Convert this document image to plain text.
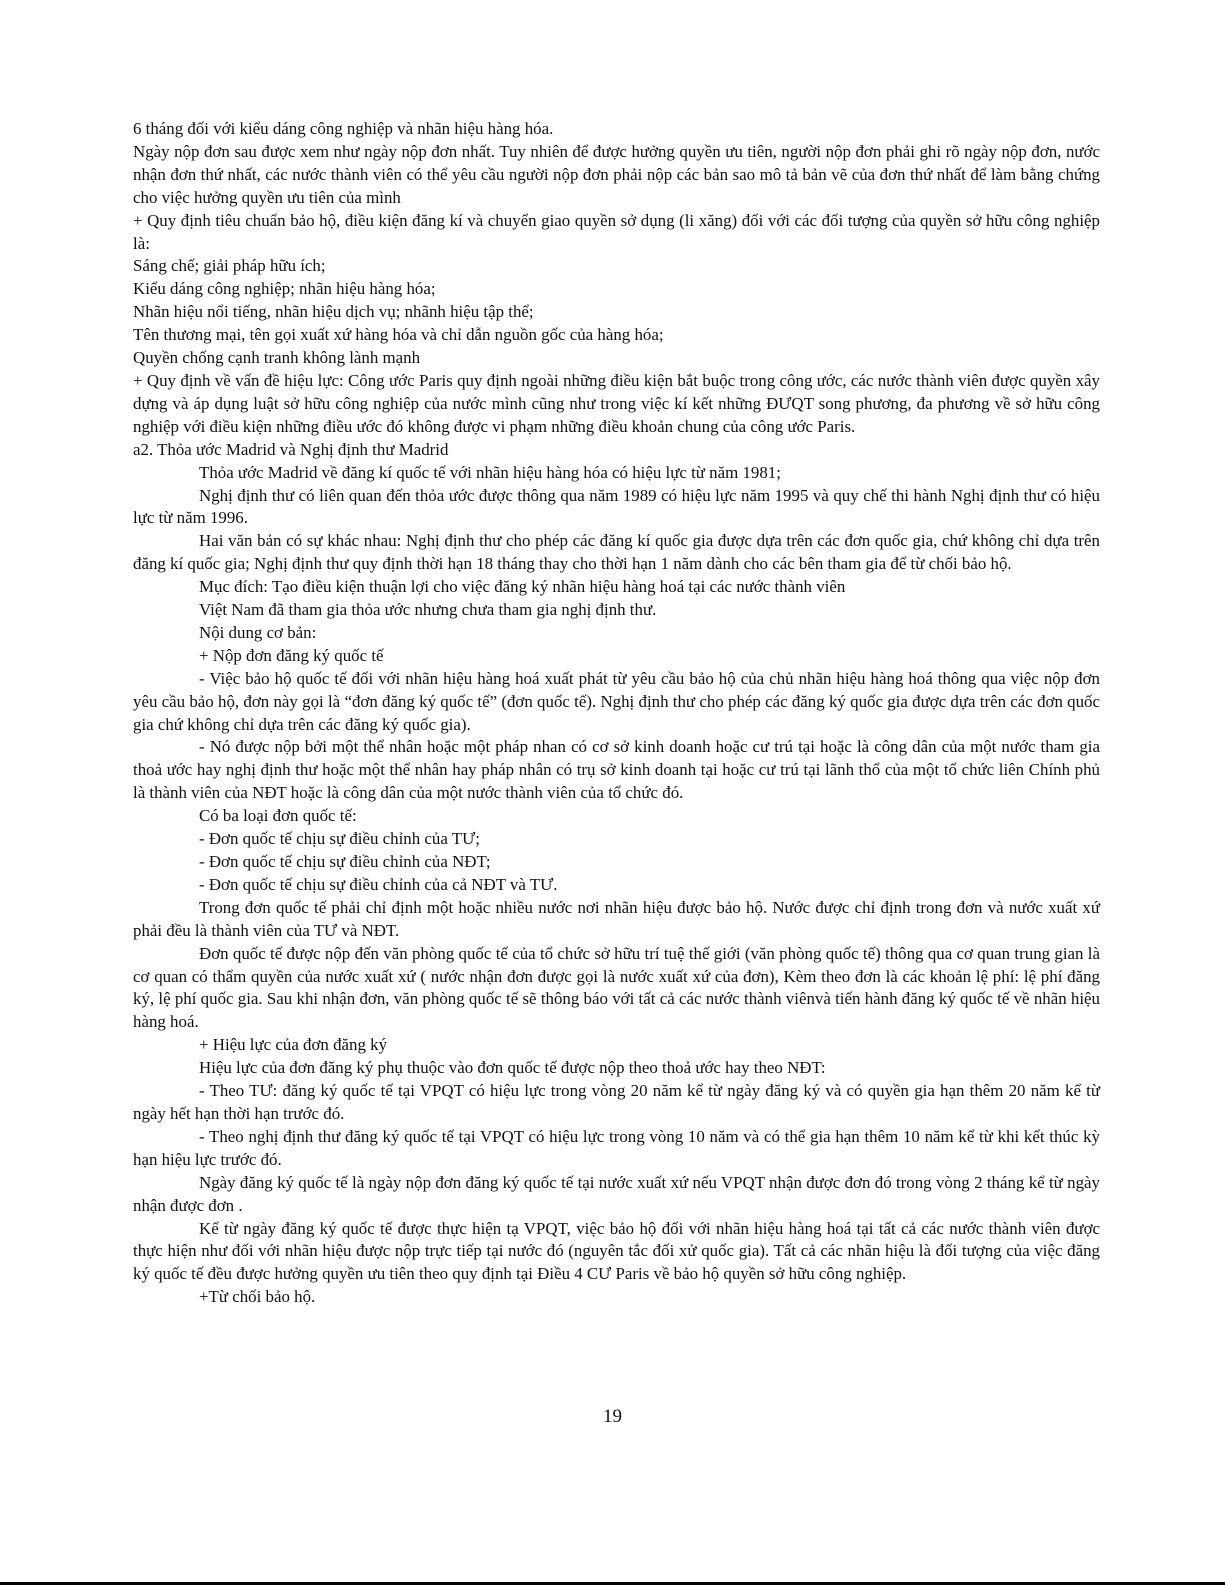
6 tháng đối với kiểu dáng công nghiệp và nhãn hiệu hàng hóa.

Ngày nộp đơn sau được xem như ngày nộp đơn nhất. Tuy nhiên để được hưởng quyền ưu tiên, người nộp đơn phải ghi rõ ngày nộp đơn, nước nhận đơn thứ nhất, các nước thành viên có thể yêu cầu người nộp đơn phải nộp các bản sao mô tả bản vẽ của đơn thứ nhất để làm bằng chứng cho việc hưởng quyền ưu tiên của mình

+ Quy định tiêu chuẩn bảo hộ, điều kiện đăng kí và chuyển giao quyền sở dụng (li xăng) đối với các đối tượng của quyền sở hữu công nghiệp là:

Sáng chế; giải pháp hữu ích;

Kiểu dáng công nghiệp; nhãn hiệu hàng hóa;

Nhãn hiệu nổi tiếng, nhãn hiệu dịch vụ; nhãnh hiệu tập thể;

Tên thương mại, tên gọi xuất xứ hàng hóa và chỉ dẫn nguồn gốc của hàng hóa;

Quyền chống cạnh tranh không lành mạnh

+ Quy định về vấn đề hiệu lực: Công ước Paris quy định ngoài những điều kiện bắt buộc trong công ước, các nước thành viên được quyền xây dựng và áp dụng luật sở hữu công nghiệp của nước mình cũng như trong việc kí kết những ĐƯQT song phương, đa phương về sở hữu công nghiệp với điều kiện những điều ước đó không được vi phạm những điều khoản chung của công ước Paris.

a2. Thỏa ước Madrid và Nghị định thư Madrid

Thỏa ước Madrid về đăng kí quốc tế với nhãn hiệu hàng hóa có hiệu lực từ năm 1981;

Nghị định thư có liên quan đến thỏa ước được thông qua năm 1989 có hiệu lực năm 1995 và quy chế thi hành Nghị định thư có hiệu lực từ năm 1996.

Hai văn bản có sự khác nhau: Nghị định thư cho phép các đăng kí quốc gia được dựa trên các đơn quốc gia, chứ không chỉ dựa trên đăng kí quốc gia; Nghị định thư quy định thời hạn 18 tháng thay cho thời hạn 1 năm dành cho các bên tham gia để từ chối bảo hộ.

Mục đích: Tạo điều kiện thuận lợi cho việc đăng ký nhãn hiệu hàng hoá tại các nước thành viên

Việt Nam đã tham gia thỏa ước nhưng chưa tham gia nghị định thư.

Nội dung cơ bản:

+ Nộp đơn đăng ký quốc tế

- Việc bảo hộ quốc tế đối với nhãn hiệu hàng hoá xuất phát từ yêu cầu bảo hộ của chủ nhãn hiệu hàng hoá thông qua việc nộp đơn yêu cầu bảo hộ, đơn này gọi là “đơn đăng ký quốc tế” (đơn quốc tế). Nghị định thư cho phép các đăng ký quốc gia được dựa trên các đơn quốc gia chứ không chỉ dựa trên các đăng ký quốc gia).

- Nó được nộp bởi một thể nhân hoặc một pháp nhan có cơ sở kinh doanh hoặc cư trú tại hoặc là công dân của một nước tham gia thoả ước hay nghị định thư hoặc một thể nhân hay pháp nhân có trụ sở kinh doanh tại hoặc cư trú tại lãnh thổ của một tổ chức liên Chính phủ là thành viên của NĐT hoặc là công dân của một nước thành viên của tổ chức đó.

Có ba loại đơn quốc tế:

- Đơn quốc tế chịu sự điều chỉnh của TƯ;

- Đơn quốc tế chịu sự điều chỉnh của NĐT;

- Đơn quốc tế chịu sự điều chỉnh của cả NĐT và TƯ.

Trong đơn quốc tế phải chỉ định một hoặc nhiều nước nơi nhãn hiệu được bảo hộ. Nước được chỉ định trong đơn và nước xuất xứ phải đều là thành viên của TƯ và NĐT.

Đơn quốc tế được nộp đến văn phòng quốc tế của tổ chức sở hữu trí tuệ thế giới (văn phòng quốc tế) thông qua cơ quan trung gian là cơ quan có thẩm quyền của nước xuất xứ ( nước nhận đơn được gọi là nước xuất xứ của đơn), Kèm theo đơn là các khoản lệ phí: lệ phí đăng ký, lệ phí quốc gia. Sau khi nhận đơn, văn phòng quốc tế sẽ thông báo với tất cả các nước thành viênvà tiến hành đăng ký quốc tế về nhãn hiệu hàng hoá.

+ Hiệu lực của đơn đăng ký

Hiệu lực của đơn đăng ký phụ thuộc vào đơn quốc tế được nộp theo thoả ước hay theo NĐT:

- Theo TƯ: đăng ký quốc tế tại VPQT có hiệu lực trong vòng 20 năm kể từ ngày đăng ký và có quyền gia hạn thêm 20 năm kể từ ngày hết hạn thời hạn trước đó.

- Theo nghị định thư đăng ký quốc tế tại VPQT có hiệu lực trong vòng 10 năm và có thể gia hạn thêm 10 năm kể từ khi kết thúc kỳ hạn hiệu lực trước đó.

Ngày đăng ký quốc tế là ngày nộp đơn đăng ký quốc tế tại nước xuất xứ nếu VPQT nhận được đơn đó trong vòng 2 tháng kể từ ngày nhận được đơn .

Kể từ ngày đăng ký quốc tế được thực hiện tạ VPQT, việc bảo hộ đối với nhãn hiệu hàng hoá tại tất cả các nước thành viên được thực hiện như đối với nhãn hiệu được nộp trực tiếp tại nước đó (nguyên tắc đối xử quốc gia). Tất cả các nhãn hiệu là đối tượng của việc đăng ký quốc tế đều được hưởng quyền ưu tiên theo quy định tại Điều 4 CƯ Paris về bảo hộ quyền sở hữu công nghiệp.

+Từ chối bảo hộ.

19
